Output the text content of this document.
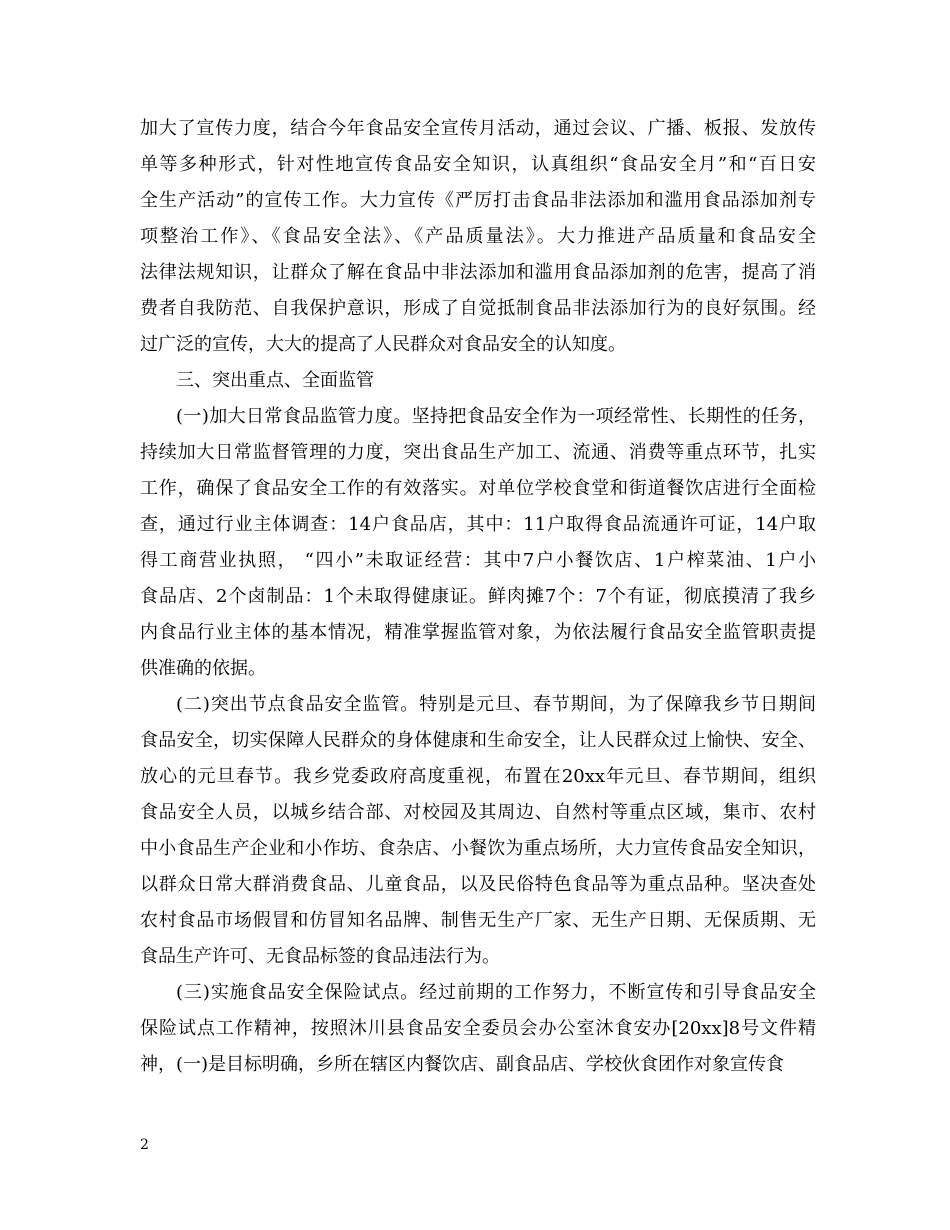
加大了宣传力度，结合今年食品安全宣传月活动，通过会议、广播、板报、发放传
单等多种形式，针对性地宣传食品安全知识，认真组织“食品安全月”和“百日安
全生产活动”的宣传工作。大力宣传《严厉打击食品非法添加和滥用食品添加剂专
项整治工作》、《食品安全法》、《产品质量法》。大力推进产品质量和食品安全
法律法规知识，让群众了解在食品中非法添加和滥用食品添加剂的危害，提高了消
费者自我防范、自我保护意识，形成了自觉抵制食品非法添加行为的良好氛围。经
过广泛的宣传，大大的提高了人民群众对食品安全的认知度。
三、突出重点、全面监管
(一)加大日常食品监管力度。坚持把食品安全作为一项经常性、长期性的任务，
持续加大日常监督管理的力度，突出食品生产加工、流通、消费等重点环节，扎实
工作，确保了食品安全工作的有效落实。对单位学校食堂和街道餐饮店进行全面检
查，通过行业主体调查：14户食品店，其中：11户取得食品流通许可证，14户取
得工商营业执照， “四小”未取证经营：其中7户小餐饮店、1户榨菜油、1户小
食品店、2个卤制品：1个未取得健康证。鲜肉摊7个：7个有证，彻底摸清了我乡
内食品行业主体的基本情况，精准掌握监管对象，为依法履行食品安全监管职责提
供准确的依据。
(二)突出节点食品安全监管。特别是元旦、春节期间，为了保障我乡节日期间
食品安全，切实保障人民群众的身体健康和生命安全，让人民群众过上愉快、安全、
放心的元旦春节。我乡党委政府高度重视，布置在20xx年元旦、春节期间，组织
食品安全人员，以城乡结合部、对校园及其周边、自然村等重点区域，集市、农村
中小食品生产企业和小作坊、食杂店、小餐饮为重点场所，大力宣传食品安全知识，
以群众日常大群消费食品、儿童食品，以及民俗特色食品等为重点品种。坚决查处
农村食品市场假冒和仿冒知名品牌、制售无生产厂家、无生产日期、无保质期、无
食品生产许可、无食品标签的食品违法行为。
(三)实施食品安全保险试点。经过前期的工作努力，不断宣传和引导食品安全
保险试点工作精神，按照沐川县食品安全委员会办公室沐食安办[20xx]8号文件精
神，(一)是目标明确，乡所在辖区内餐饮店、副食品店、学校伙食团作对象宣传食
2
